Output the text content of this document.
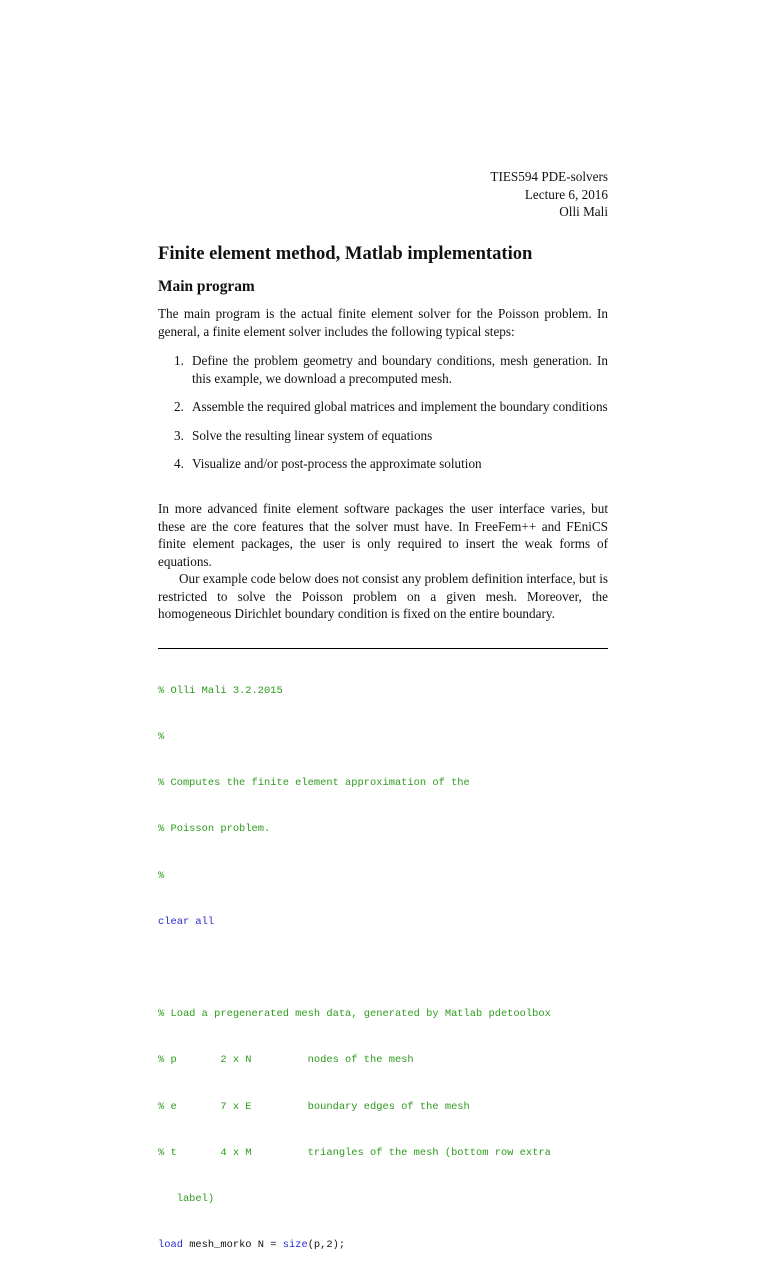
TIES594 PDE-solvers
Lecture 6, 2016
Olli Mali
Finite element method, Matlab implementation
Main program

The main program is the actual finite element solver for the Poisson problem. In general, a finite element solver includes the following typical steps:

1. Define the problem geometry and boundary conditions, mesh generation. In this example, we download a precomputed mesh.
2. Assemble the required global matrices and implement the boundary conditions
3. Solve the resulting linear system of equations
4. Visualize and/or post-process the approximate solution

In more advanced finite element software packages the user interface varies, but these are the core features that the solver must have. In FreeFem++ and FEniCS finite element packages, the user is only required to insert the weak forms of equations.

Our example code below does not consist any problem definition interface, but is restricted to solve the Poisson problem on a given mesh. Moreover, the homogeneous Dirichlet boundary condition is fixed on the entire boundary.

% Olli Mali 3.2.2015

%

% Computes the finite element approximation of the

% Poisson problem.

%

clear all

% Load a pregenerated mesh data, generated by Matlab pdetoolbox

% p       2 x N         nodes of the mesh

% e       7 x E         boundary edges of the mesh

% t       4 x M         triangles of the mesh (bottom row extra

label)

load mesh_morko N = size(p,2);
